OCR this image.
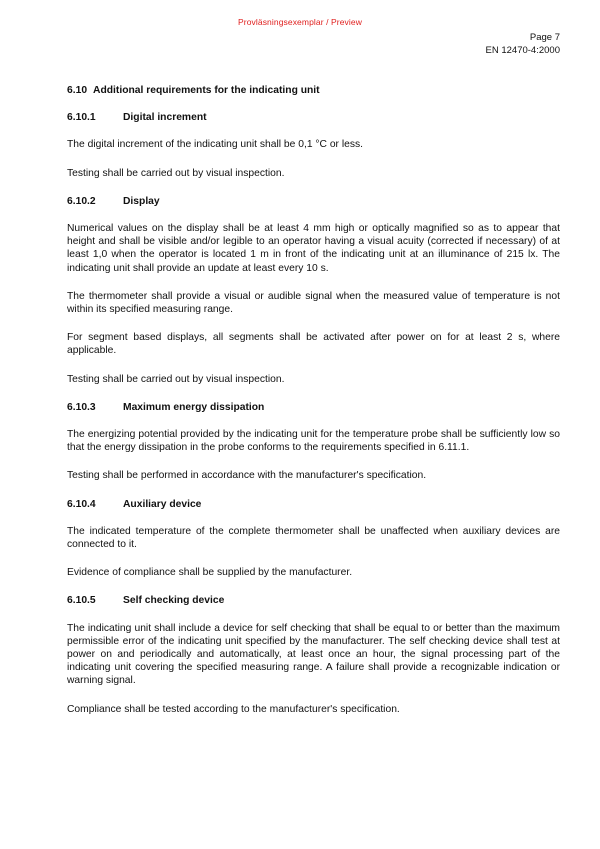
Provläsningsexemplar / Preview
Page 7
EN 12470-4:2000
6.10 Additional requirements for the indicating unit
6.10.1	Digital increment

The digital increment of the indicating unit shall be 0,1 °C or less.

Testing shall be carried out by visual inspection.

6.10.2	Display

Numerical values on the display shall be at least 4 mm high or optically magnified so as to appear that height and shall be visible and/or legible to an operator having a visual acuity (corrected if necessary) of at least 1,0 when the operator is located 1 m in front of the indicating unit at an illuminance of 215 lx. The indicating unit shall provide an update at least every 10 s.

The thermometer shall provide a visual or audible signal when the measured value of temperature is not within its specified measuring range.

For segment based displays, all segments shall be activated after power on for at least 2 s, where applicable.

Testing shall be carried out by visual inspection.

6.10.3	Maximum energy dissipation

The energizing potential provided by the indicating unit for the temperature probe shall be sufficiently low so that the energy dissipation in the probe conforms to the requirements specified in 6.11.1.

Testing shall be performed in accordance with the manufacturer's specification.

6.10.4	Auxiliary device

The indicated temperature of the complete thermometer shall be unaffected when auxiliary devices are connected to it.

Evidence of compliance shall be supplied by the manufacturer.

6.10.5	Self checking device

The indicating unit shall include a device for self checking that shall be equal to or better than the maximum permissible error of the indicating unit specified by the manufacturer. The self checking device shall test at power on and periodically and automatically, at least once an hour, the signal processing part of the indicating unit covering the specified measuring range. A failure shall provide a recognizable indication or warning signal.

Compliance shall be tested according to the manufacturer's specification.
